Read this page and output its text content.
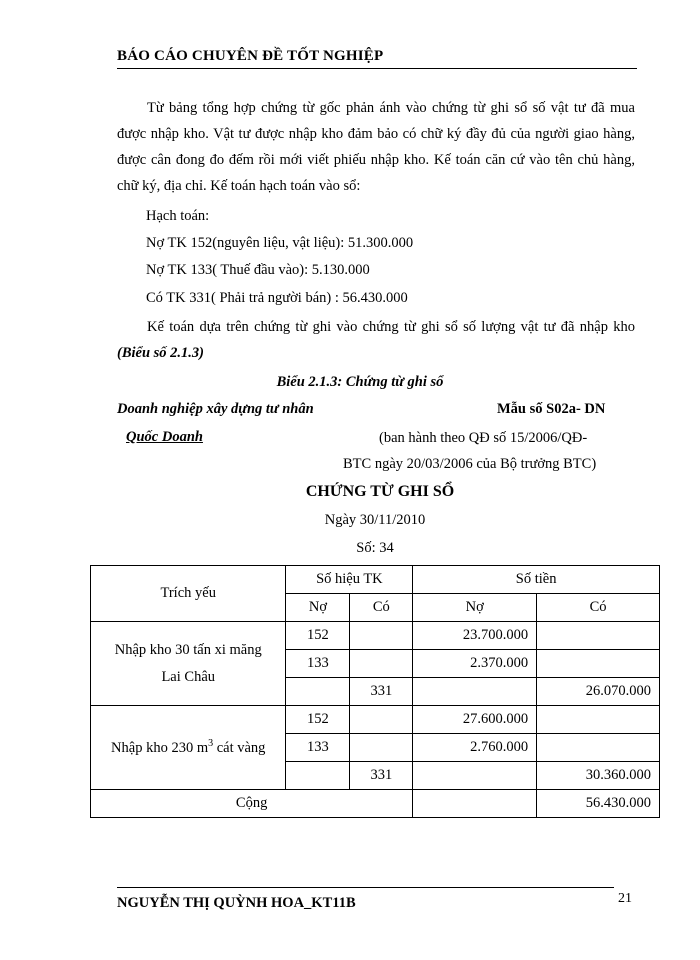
BÁO CÁO CHUYÊN ĐỀ TỐT NGHIỆP

Từ bảng tổng hợp chứng từ gốc phản ánh vào chứng từ ghi sổ số vật tư đã mua được nhập kho. Vật tư được nhập kho đảm bảo có chữ ký đầy đủ của người giao hàng, được cân đong đo đếm rồi mới viết phiếu nhập kho. Kế toán căn cứ vào tên chủ hàng, chữ ký, địa chỉ. Kế toán hạch toán vào sổ:

Hạch toán:
Nợ TK 152(nguyên liệu, vật liệu): 51.300.000
Nợ TK 133( Thuế đầu vào): 5.130.000
Có TK 331( Phải trả người bán) : 56.430.000

Kế toán dựa trên chứng từ ghi vào chứng từ ghi sổ số lượng vật tư đã nhập kho (Biểu số 2.1.3)

Biểu 2.1.3: Chứng từ ghi sổ
Doanh nghiệp xây dựng tư nhân
Quốc Doanh
Mẫu số S02a- DN
(ban hành theo QĐ số 15/2006/QĐ-
BTC ngày 20/03/2006 của Bộ trưởng BTC)
CHỨNG TỪ GHI SỔ
Ngày 30/11/2010
Số: 34
Trích yếu	Số hiệu TK		Số tiền	
	Nợ	Có	Nợ	Có
Nhập kho 30 tấn xi măng
Lai Châu	152		23.700.000	
	133		2.370.000	
		331		26.070.000
Nhập kho 230 $m^3$ cát vàng	152		27.600.000	
	133		2.760.000	
		331		30.360.000
Cộng				56.430.000
NGUYỄN THỊ QUỲNH HOA_KT11B	21
